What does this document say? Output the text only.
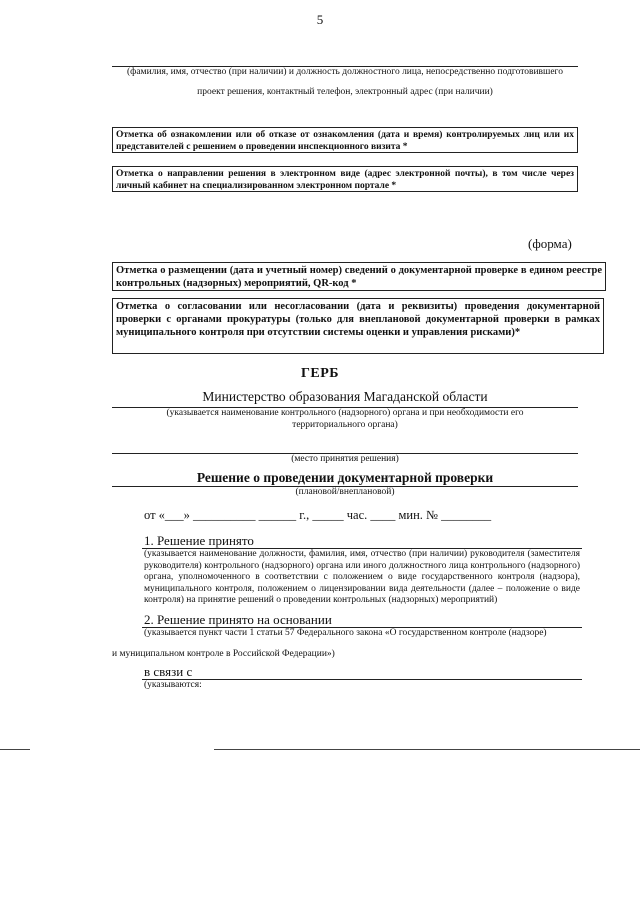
5
(фамилия, имя, отчество (при наличии) и должность должностного лица, непосредственно подготовившего
проект решения, контактный телефон, электронный адрес (при наличии)
Отметка об ознакомлении или об отказе от ознакомления (дата и время) контролируемых лиц или их представителей с решением о проведении инспекционного визита *
Отметка о направлении решения в электронном виде (адрес электронной почты), в том числе через личный кабинет на специализированном электронном портале *
(форма)
Отметка о размещении (дата и учетный номер) сведений о документарной проверке в едином реестре контрольных (надзорных) мероприятий, QR-код *
Отметка о согласовании или несогласовании (дата и реквизиты) проведения документарной проверки с органами прокуратуры (только для внеплановой документарной проверки в рамках муниципального контроля при отсутствии системы оценки и управления рисками)*
ГЕРБ
Министерство образования Магаданской области
(указывается наименование контрольного (надзорного) органа и при необходимости его территориального органа)
(место принятия решения)
Решение о проведении документарной проверки
(плановой/внеплановой)
от «___» __________ ______ г., _____ час. ____ мин. № ________
1. Решение принято
(указывается наименование должности, фамилия, имя, отчество (при наличии) руководителя (заместителя руководителя) контрольного (надзорного) органа или иного должностного лица контрольного (надзорного) органа, уполномоченного в соответствии с положением о виде государственного контроля (надзора), муниципального контроля, положением о лицензировании вида деятельности (далее – положение о виде контроля) на принятие решений о проведении контрольных (надзорных) мероприятий)
2. Решение принято на основании
(указывается пункт части 1 статьи 57 Федерального закона «О государственном контроле (надзоре)
и муниципальном контроле в Российской Федерации»)
в связи с
(указываются:
